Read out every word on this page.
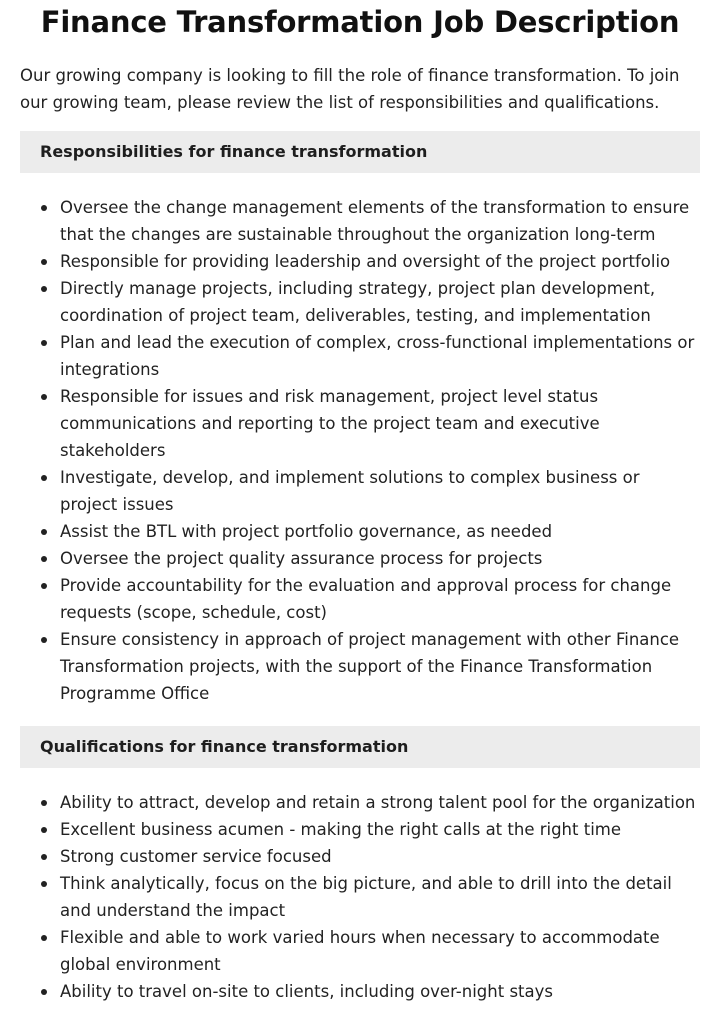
Finance Transformation Job Description

Our growing company is looking to fill the role of finance transformation. To join our growing team, please review the list of responsibilities and qualifications.

Responsibilities for finance transformation
Oversee the change management elements of the transformation to ensure that the changes are sustainable throughout the organization long-term
Responsible for providing leadership and oversight of the project portfolio
Directly manage projects, including strategy, project plan development, coordination of project team, deliverables, testing, and implementation
Plan and lead the execution of complex, cross-functional implementations or integrations
Responsible for issues and risk management, project level status communications and reporting to the project team and executive stakeholders
Investigate, develop, and implement solutions to complex business or project issues
Assist the BTL with project portfolio governance, as needed
Oversee the project quality assurance process for projects
Provide accountability for the evaluation and approval process for change requests (scope, schedule, cost)
Ensure consistency in approach of project management with other Finance Transformation projects, with the support of the Finance Transformation Programme Office
Qualifications for finance transformation
Ability to attract, develop and retain a strong talent pool for the organization
Excellent business acumen - making the right calls at the right time
Strong customer service focused
Think analytically, focus on the big picture, and able to drill into the detail and understand the impact
Flexible and able to work varied hours when necessary to accommodate global environment
Ability to travel on-site to clients, including over-night stays
